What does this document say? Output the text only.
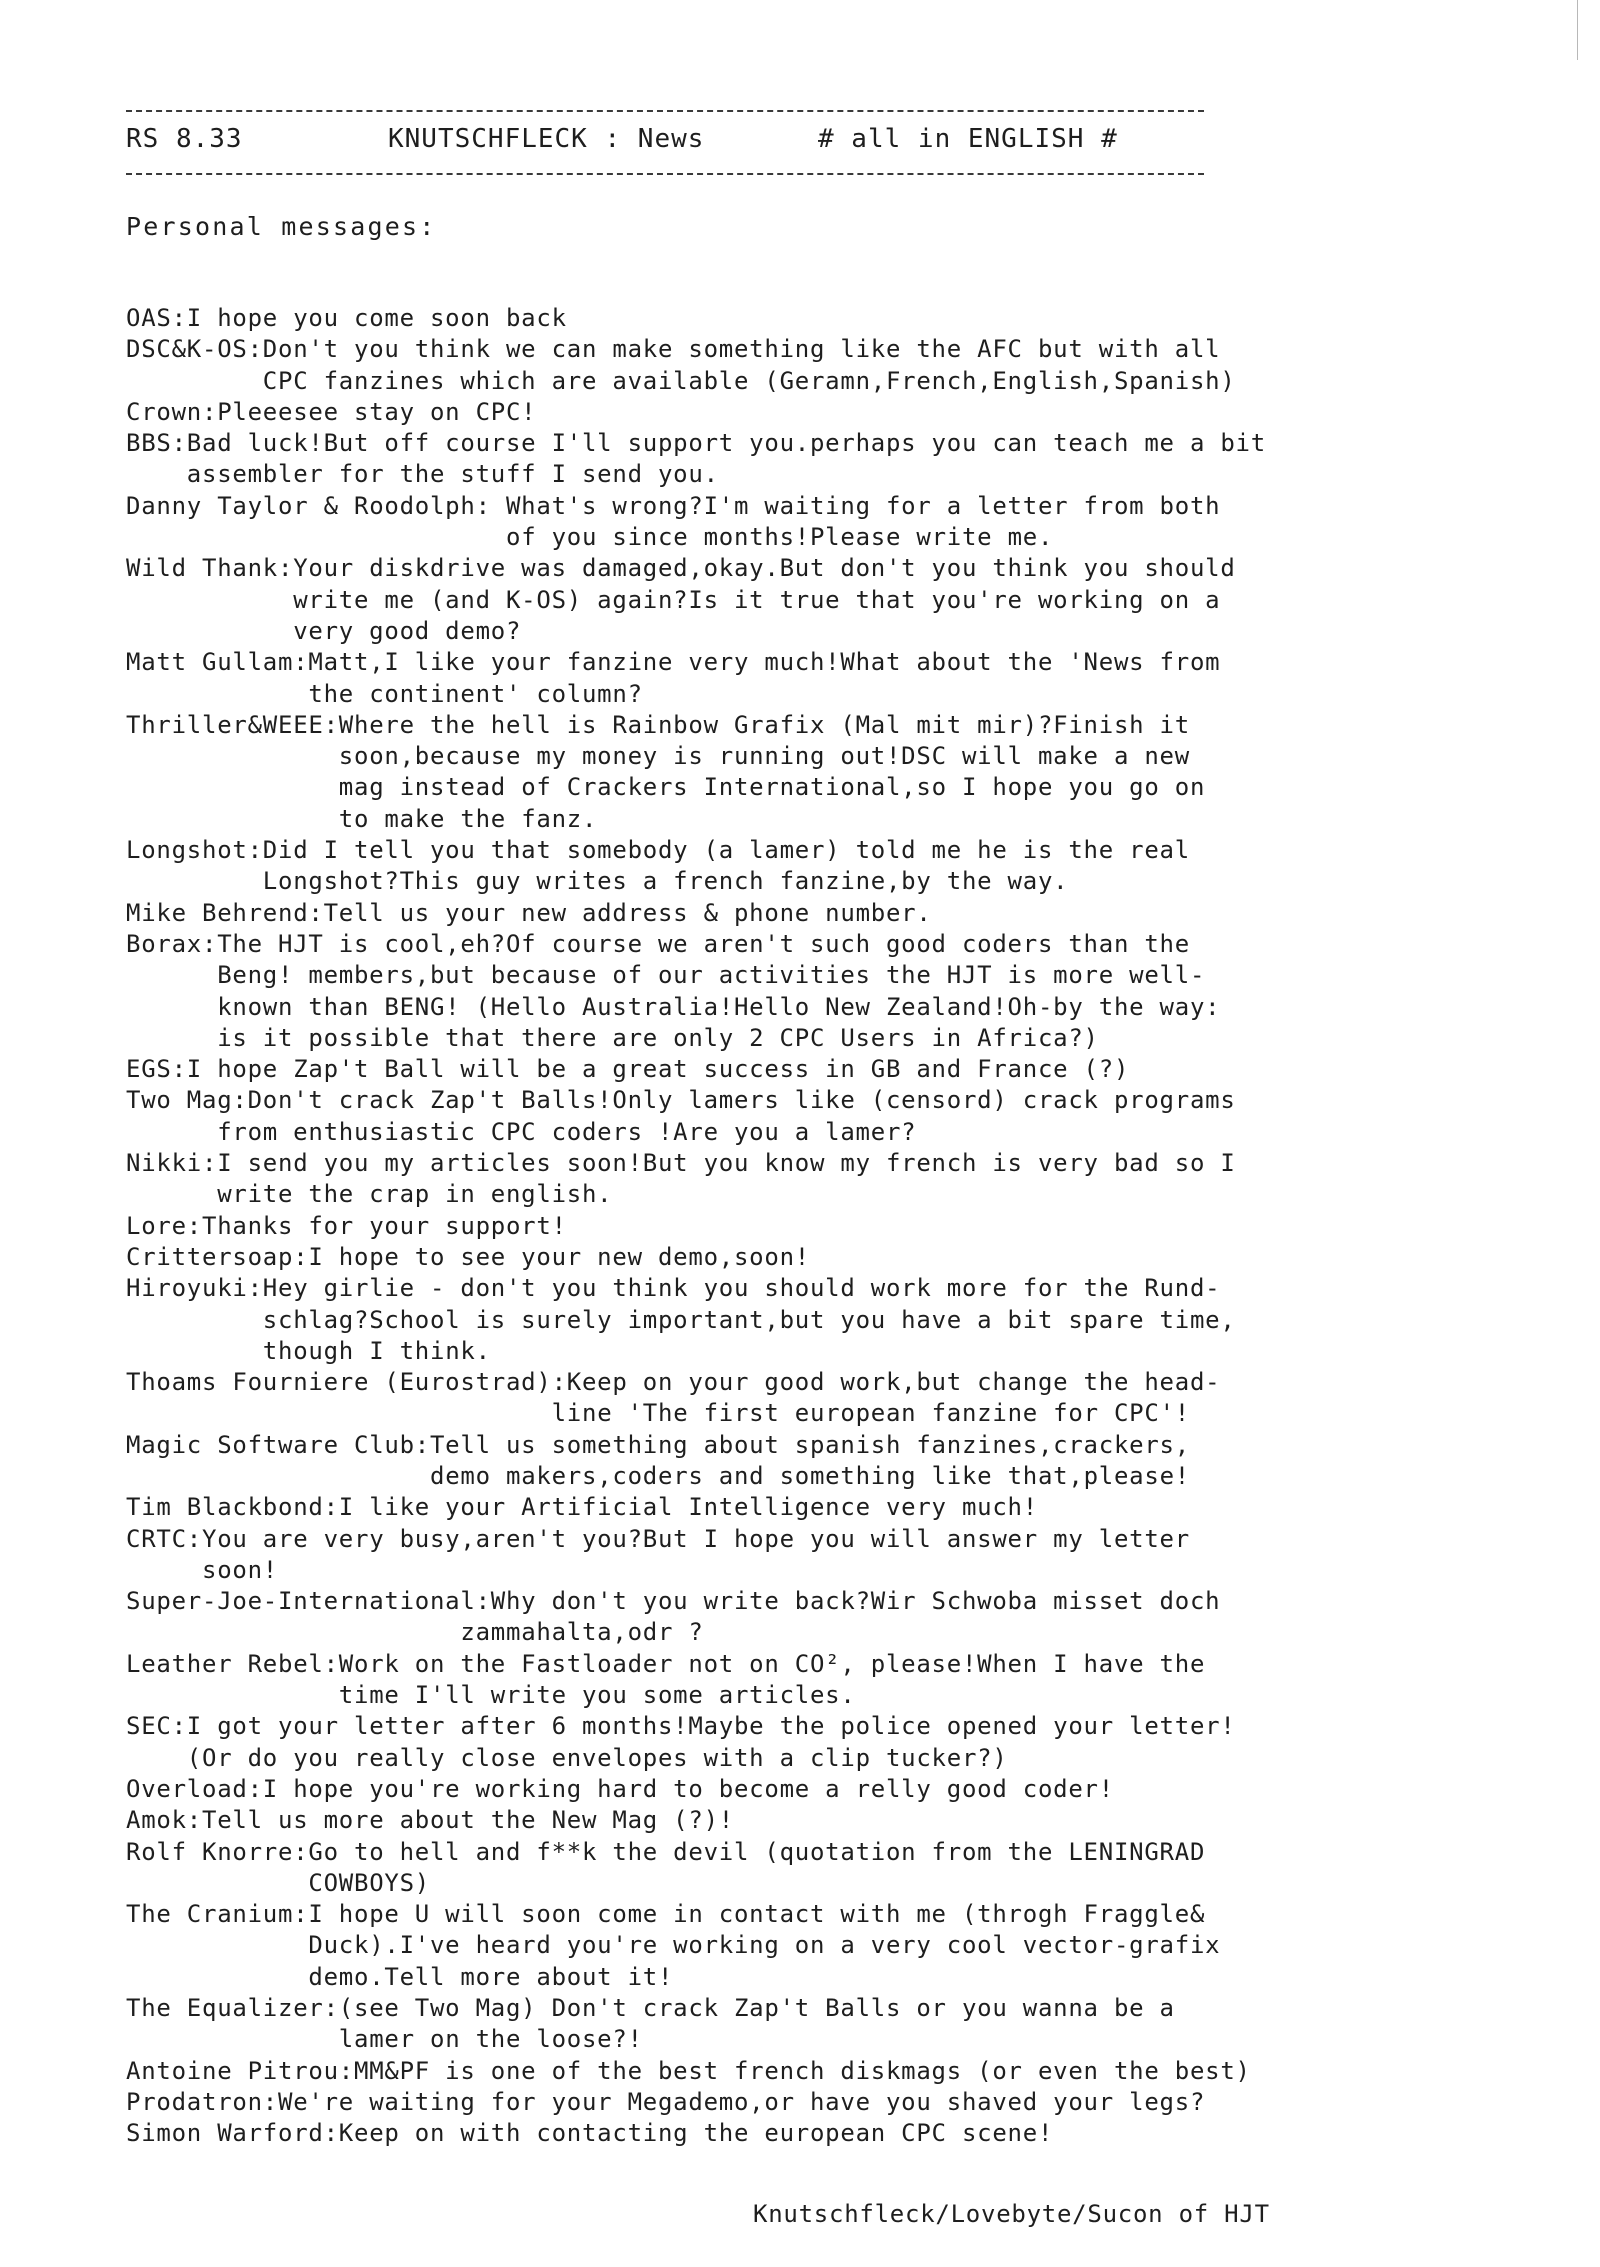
RS 8.33	KNUTSCHFLECK : News	# all in ENGLISH #
Personal messages:
OAS:I hope you come soon back
DSC&K-OS:Don't you think we can make something like the AFC but with all
CPC fanzines which are available (Geramn,French,English,Spanish)
Crown:Pleeesee stay on CPC!
BBS:Bad luck!But off course I'll support you.perhaps you can teach me a bit
assembler for the stuff I send you.
Danny Taylor & Roodolph: What's wrong?I'm waiting for a letter from both
of you since months!Please write me.
Wild Thank:Your diskdrive was damaged,okay.But don't you think you should
write me (and K-OS) again?Is it true that you're working on a
very good demo?
Matt Gullam:Matt,I like your fanzine very much!What about the 'News from
the continent' column?
Thriller&WEEE:Where the hell is Rainbow Grafix (Mal mit mir)?Finish it
soon,because my money is running out!DSC will make a new
mag instead of Crackers International,so I hope you go on
to make the fanz.
Longshot:Did I tell you that somebody (a lamer) told me he is the real
Longshot?This guy writes a french fanzine,by the way.
Mike Behrend:Tell us your new address & phone number.
Borax:The HJT is cool,eh?Of course we aren't such good coders than the
Beng! members,but because of our activities the HJT is more well-
known than BENG! (Hello Australia!Hello New Zealand!Oh-by the way:
is it possible that there are only 2 CPC Users in Africa?)
EGS:I hope Zap't Ball will be a great success in GB and France (?)
Two Mag:Don't crack Zap't Balls!Only lamers like (censord) crack programs
from enthusiastic CPC coders !Are you a lamer?
Nikki:I send you my articles soon!But you know my french is very bad so I
write the crap in english.
Lore:Thanks for your support!
Crittersoap:I hope to see your new demo,soon!
Hiroyuki:Hey girlie - don't you think you should work more for the Rund-
schlag?School is surely important,but you have a bit spare time,
though I think.
Thoams Fourniere (Eurostrad):Keep on your good work,but change the head-
line 'The first european fanzine for CPC'!
Magic Software Club:Tell us something about spanish fanzines,crackers,
demo makers,coders and something like that,please!
Tim Blackbond:I like your Artificial Intelligence very much!
CRTC:You are very busy,aren't you?But I hope you will answer my letter
soon!
Super-Joe-International:Why don't you write back?Wir Schwoba misset doch
zammahalta,odr ?
Leather Rebel:Work on the Fastloader not on CO², please!When I have the
time I'll write you some articles.
SEC:I got your letter after 6 months!Maybe the police opened your letter!
(Or do you really close envelopes with a clip tucker?)
Overload:I hope you're working hard to become a relly good coder!
Amok:Tell us more about the New Mag (?)!
Rolf Knorre:Go to hell and f**k the devil (quotation from the LENINGRAD
COWBOYS)
The Cranium:I hope U will soon come in contact with me (throgh Fraggle&
Duck).I've heard you're working on a very cool vector-grafix
demo.Tell more about it!
The Equalizer:(see Two Mag) Don't crack Zap't Balls or you wanna be a
lamer on the loose?!
Antoine Pitrou:MM&PF is one of the best french diskmags (or even the best)
Prodatron:We're waiting for your Megademo,or have you shaved your legs?
Simon Warford:Keep on with contacting the european CPC scene!
Knutschfleck/Lovebyte/Sucon of HJT
